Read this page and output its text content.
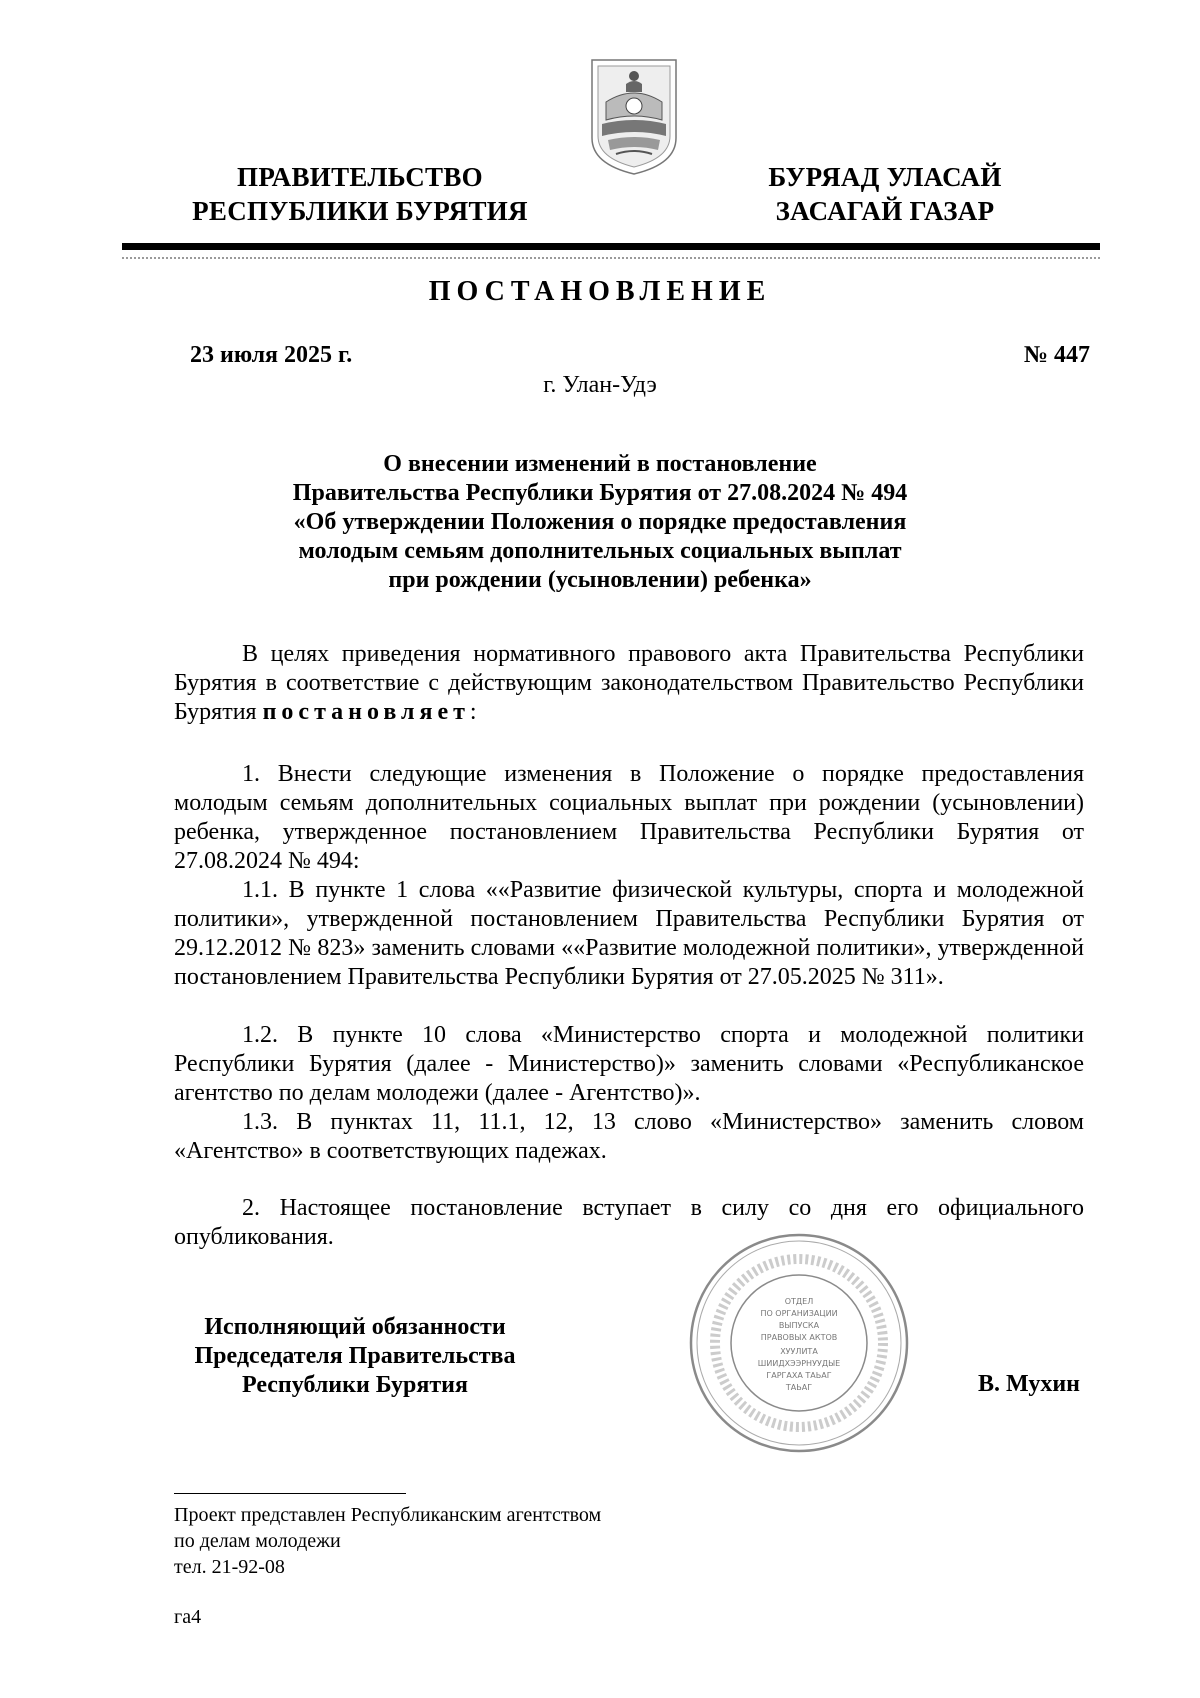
ПРАВИТЕЛЬСТВО
РЕСПУБЛИКИ БУРЯТИЯ
БУРЯАД УЛАСАЙ
ЗАСАГАЙ ГАЗАР
ПОСТАНОВЛЕНИЕ
23 июля 2025 г.	№ 447
г. Улан-Удэ
О внесении изменений в постановление
Правительства Республики Бурятия от 27.08.2024 № 494
«Об утверждении Положения о порядке предоставления
молодым семьям дополнительных социальных выплат
при рождении (усыновлении) ребенка»
В целях приведения нормативного правового акта Правительства Республики Бурятия в соответствие с действующим законодательством Правительство Республики Бурятия постановляет:
1. Внести следующие изменения в Положение о порядке предоставления молодым семьям дополнительных социальных выплат при рождении (усыновлении) ребенка, утвержденное постановлением Правительства Республики Бурятия от 27.08.2024 № 494:
1.1. В пункте 1 слова ««Развитие физической культуры, спорта и молодежной политики», утвержденной постановлением Правительства Республики Бурятия от 29.12.2012 № 823» заменить словами ««Развитие молодежной политики», утвержденной постановлением Правительства Республики Бурятия от 27.05.2025 № 311».
1.2. В пункте 10 слова «Министерство спорта и молодежной политики Республики Бурятия (далее - Министерство)» заменить словами «Республиканское агентство по делам молодежи (далее - Агентство)».
1.3. В пунктах 11, 11.1, 12, 13 слово «Министерство» заменить словом «Агентство» в соответствующих падежах.
2. Настоящее постановление вступает в силу со дня его официального опубликования.
Исполняющий обязанности
Председателя Правительства
Республики Бурятия	В. Мухин
ОТДЕЛ
ПО ОРГАНИЗАЦИИ
ВЫПУСКА
ПРАВОВЫХ АКТОВ
ХУУЛИТА
ШИИДХЭЭРНУУДЫЕ
ГАРГАХА ТАЬАГ
ТАЬАГ
Проект представлен Республиканским агентством
по делам молодежи
тел. 21-92-08
га4
